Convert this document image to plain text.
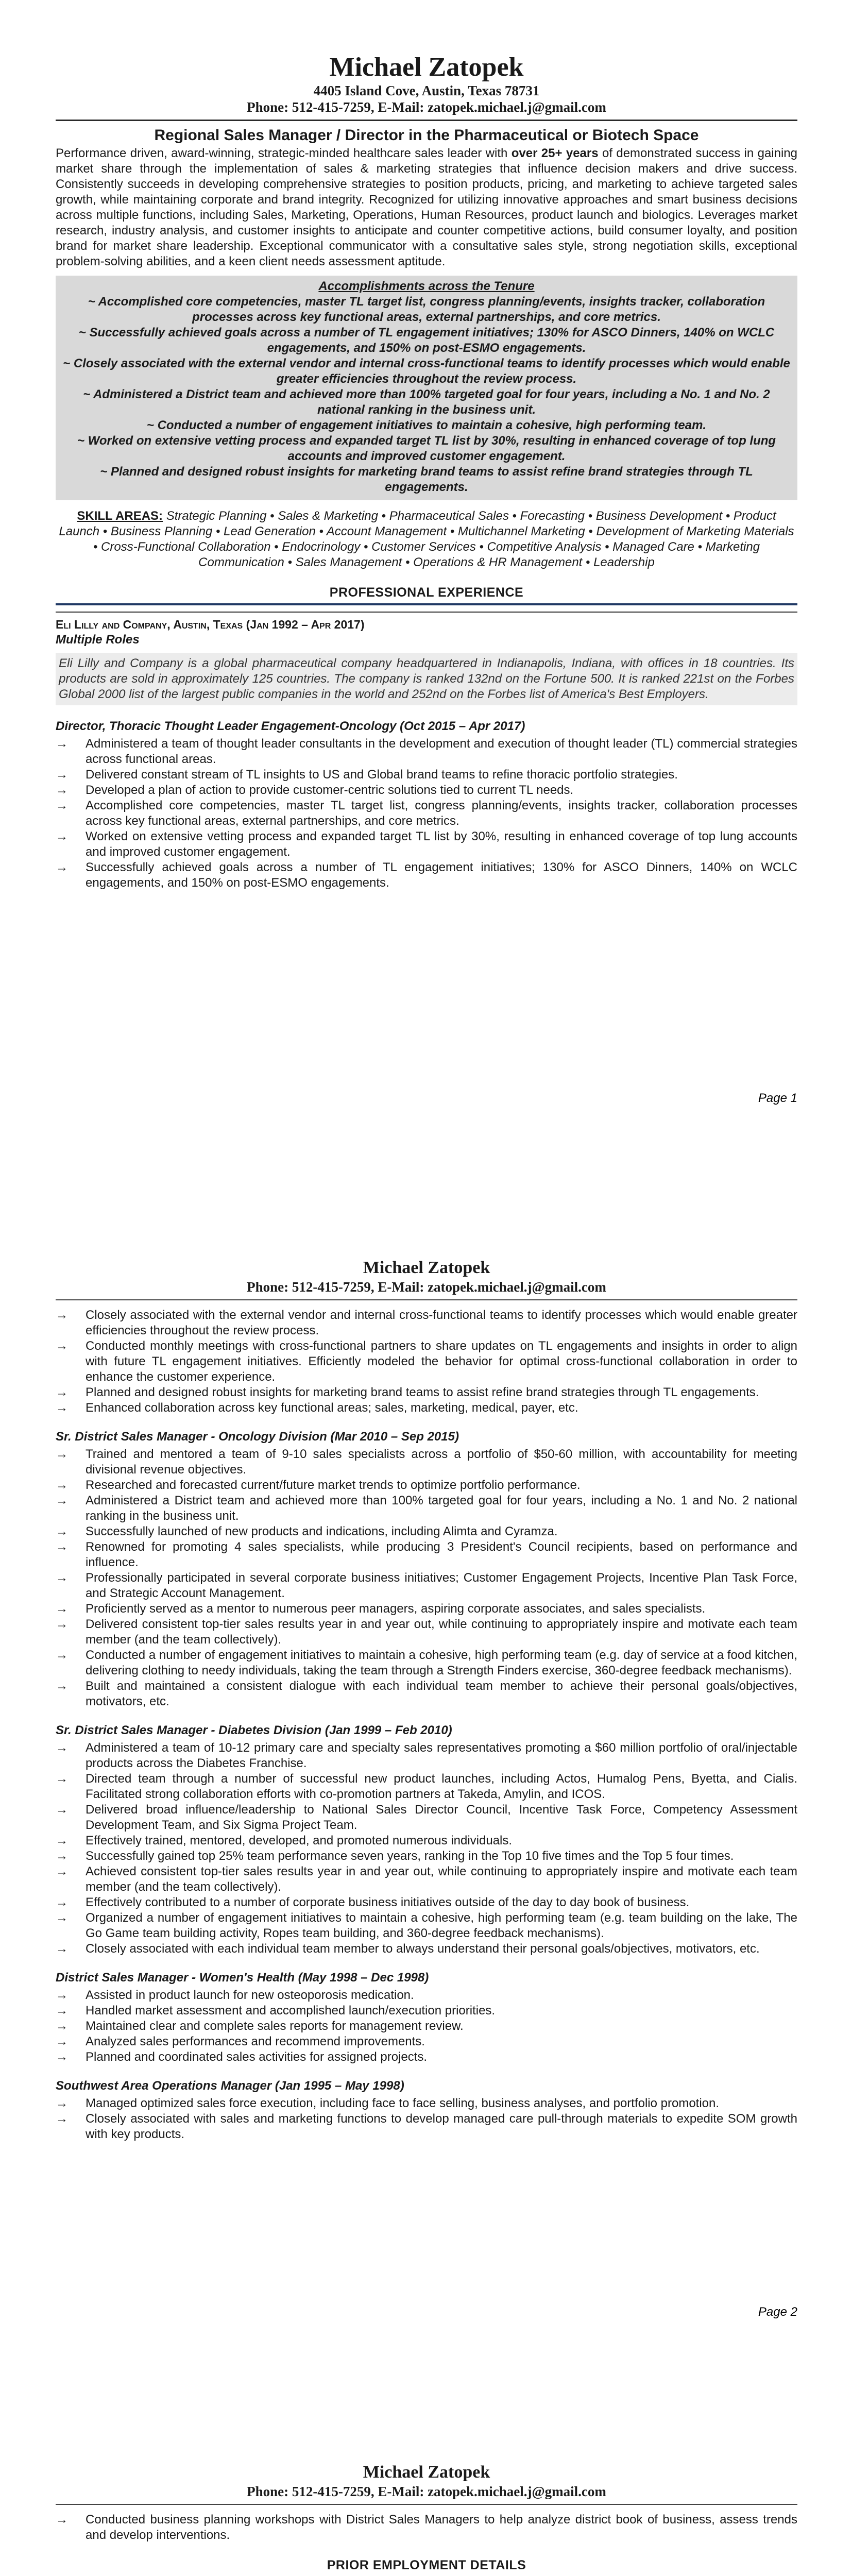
Michael Zatopek
4405 Island Cove, Austin, Texas 78731
Phone: 512-415-7259, E-Mail: zatopek.michael.j@gmail.com
Regional Sales Manager / Director in the Pharmaceutical or Biotech Space
Performance driven, award-winning, strategic-minded healthcare sales leader with over 25+ years of demonstrated success in gaining market share through the implementation of sales & marketing strategies that influence decision makers and drive success. Consistently succeeds in developing comprehensive strategies to position products, pricing, and marketing to achieve targeted sales growth, while maintaining corporate and brand integrity. Recognized for utilizing innovative approaches and smart business decisions across multiple functions, including Sales, Marketing, Operations, Human Resources, product launch and biologics. Leverages market research, industry analysis, and customer insights to anticipate and counter competitive actions, build consumer loyalty, and position brand for market share leadership. Exceptional communicator with a consultative sales style, strong negotiation skills, exceptional problem-solving abilities, and a keen client needs assessment aptitude.
Accomplishments across the Tenure
~ Accomplished core competencies, master TL target list, congress planning/events, insights tracker, collaboration processes across key functional areas, external partnerships, and core metrics.
~ Successfully achieved goals across a number of TL engagement initiatives; 130% for ASCO Dinners, 140% on WCLC engagements, and 150% on post-ESMO engagements.
~ Closely associated with the external vendor and internal cross-functional teams to identify processes which would enable greater efficiencies throughout the review process.
~ Administered a District team and achieved more than 100% targeted goal for four years, including a No. 1 and No. 2 national ranking in the business unit.
~ Conducted a number of engagement initiatives to maintain a cohesive, high performing team.
~ Worked on extensive vetting process and expanded target TL list by 30%, resulting in enhanced coverage of top lung accounts and improved customer engagement.
~ Planned and designed robust insights for marketing brand teams to assist refine brand strategies through TL engagements.
SKILL AREAS: Strategic Planning • Sales & Marketing • Pharmaceutical Sales • Forecasting • Business Development • Product Launch • Business Planning • Lead Generation • Account Management • Multichannel Marketing • Development of Marketing Materials • Cross-Functional Collaboration • Endocrinology • Customer Services • Competitive Analysis • Managed Care • Marketing Communication • Sales Management • Operations & HR Management • Leadership
PROFESSIONAL EXPERIENCE
Eli Lilly and Company, Austin, Texas (Jan 1992 – Apr 2017)
Multiple Roles
Eli Lilly and Company is a global pharmaceutical company headquartered in Indianapolis, Indiana, with offices in 18 countries. Its products are sold in approximately 125 countries. The company is ranked 132nd on the Fortune 500. It is ranked 221st on the Forbes Global 2000 list of the largest public companies in the world and 252nd on the Forbes list of America's Best Employers.
Director, Thoracic Thought Leader Engagement-Oncology (Oct 2015 – Apr 2017)
→	Administered a team of thought leader consultants in the development and execution of thought leader (TL) commercial strategies across functional areas.
→	Delivered constant stream of TL insights to US and Global brand teams to refine thoracic portfolio strategies.
→	Developed a plan of action to provide customer-centric solutions tied to current TL needs.
→	Accomplished core competencies, master TL target list, congress planning/events, insights tracker, collaboration processes across key functional areas, external partnerships, and core metrics.
→	Worked on extensive vetting process and expanded target TL list by 30%, resulting in enhanced coverage of top lung accounts and improved customer engagement.
→	Successfully achieved goals across a number of TL engagement initiatives; 130% for ASCO Dinners, 140% on WCLC engagements, and 150% on post-ESMO engagements.
Page 1
Michael Zatopek
Phone: 512-415-7259, E-Mail: zatopek.michael.j@gmail.com
→	Closely associated with the external vendor and internal cross-functional teams to identify processes which would enable greater efficiencies throughout the review process.
→	Conducted monthly meetings with cross-functional partners to share updates on TL engagements and insights in order to align with future TL engagement initiatives. Efficiently modeled the behavior for optimal cross-functional collaboration in order to enhance the customer experience.
→	Planned and designed robust insights for marketing brand teams to assist refine brand strategies through TL engagements.
→	Enhanced collaboration across key functional areas; sales, marketing, medical, payer, etc.
Sr. District Sales Manager - Oncology Division (Mar 2010 – Sep 2015)
→	Trained and mentored a team of 9-10 sales specialists across a portfolio of $50-60 million, with accountability for meeting divisional revenue objectives.
→	Researched and forecasted current/future market trends to optimize portfolio performance.
→	Administered a District team and achieved more than 100% targeted goal for four years, including a No. 1 and No. 2 national ranking in the business unit.
→	Successfully launched of new products and indications, including Alimta and Cyramza.
→	Renowned for promoting 4 sales specialists, while producing 3 President's Council recipients, based on performance and influence.
→	Professionally participated in several corporate business initiatives; Customer Engagement Projects, Incentive Plan Task Force, and Strategic Account Management.
→	Proficiently served as a mentor to numerous peer managers, aspiring corporate associates, and sales specialists.
→	Delivered consistent top-tier sales results year in and year out, while continuing to appropriately inspire and motivate each team member (and the team collectively).
→	Conducted a number of engagement initiatives to maintain a cohesive, high performing team (e.g. day of service at a food kitchen, delivering clothing to needy individuals, taking the team through a Strength Finders exercise, 360-degree feedback mechanisms).
→	Built and maintained a consistent dialogue with each individual team member to achieve their personal goals/objectives, motivators, etc.
Sr. District Sales Manager - Diabetes Division (Jan 1999 – Feb 2010)
→	Administered a team of 10-12 primary care and specialty sales representatives promoting a $60 million portfolio of oral/injectable products across the Diabetes Franchise.
→	Directed team through a number of successful new product launches, including Actos, Humalog Pens, Byetta, and Cialis. Facilitated strong collaboration efforts with co-promotion partners at Takeda, Amylin, and ICOS.
→	Delivered broad influence/leadership to National Sales Director Council, Incentive Task Force, Competency Assessment Development Team, and Six Sigma Project Team.
→	Effectively trained, mentored, developed, and promoted numerous individuals.
→	Successfully gained top 25% team performance seven years, ranking in the Top 10 five times and the Top 5 four times.
→	Achieved consistent top-tier sales results year in and year out, while continuing to appropriately inspire and motivate each team member (and the team collectively).
→	Effectively contributed to a number of corporate business initiatives outside of the day to day book of business.
→	Organized a number of engagement initiatives to maintain a cohesive, high performing team (e.g. team building on the lake, The Go Game team building activity, Ropes team building, and 360-degree feedback mechanisms).
→	Closely associated with each individual team member to always understand their personal goals/objectives, motivators, etc.
District Sales Manager - Women's Health (May 1998 – Dec 1998)
→	Assisted in product launch for new osteoporosis medication.
→	Handled market assessment and accomplished launch/execution priorities.
→	Maintained clear and complete sales reports for management review.
→	Analyzed sales performances and recommend improvements.
→	Planned and coordinated sales activities for assigned projects.
Southwest Area Operations Manager (Jan 1995 – May 1998)
→	Managed optimized sales force execution, including face to face selling, business analyses, and portfolio promotion.
→	Closely associated with sales and marketing functions to develop managed care pull-through materials to expedite SOM growth with key products.
Page 2
Michael Zatopek
Phone: 512-415-7259, E-Mail: zatopek.michael.j@gmail.com
→	Conducted business planning workshops with District Sales Managers to help analyze district book of business, assess trends and develop interventions.
PRIOR EMPLOYMENT DETAILS
